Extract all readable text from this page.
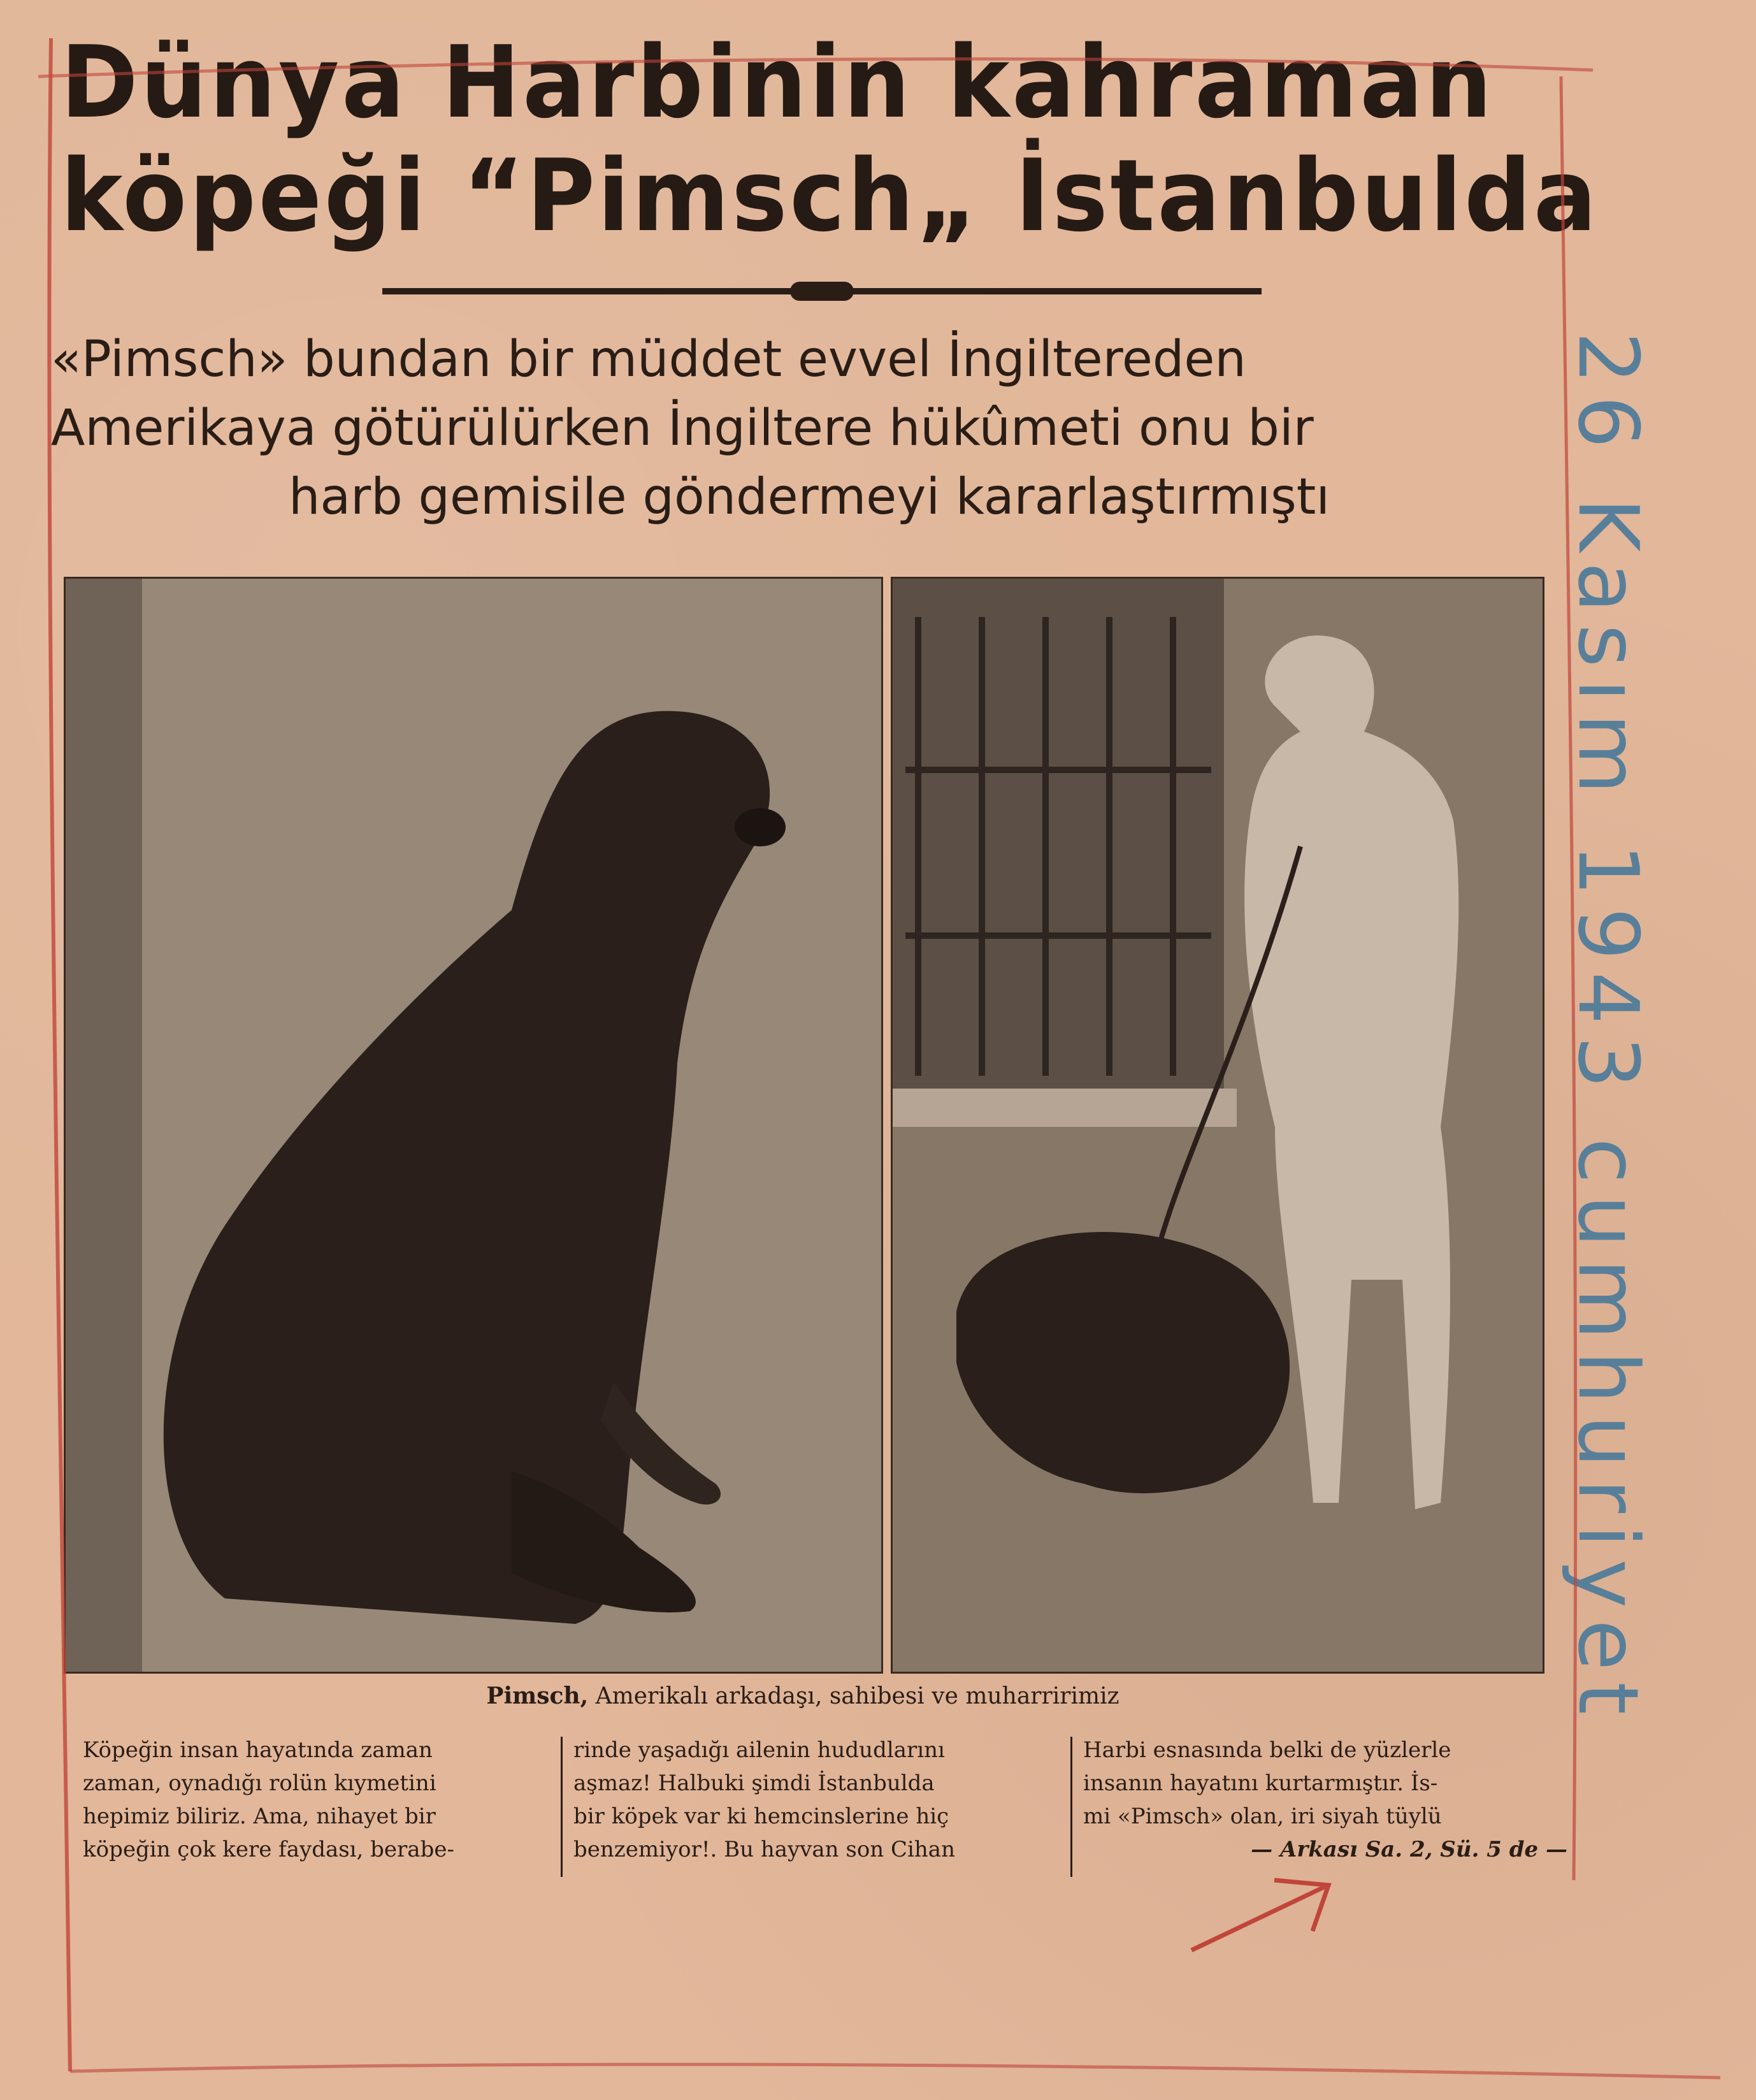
Dünya Harbinin kahraman
köpeği “Pimsch„ İstanbulda
«Pimsch» bundan bir müddet evvel İngiltereden
Amerikaya götürülürken İngiltere hükûmeti onu bir
harb gemisile göndermeyi kararlaştırmıştı
Pimsch, Amerikalı arkadaşı, sahibesi ve muharririmiz
Köpeğin insan hayatında zaman
zaman, oynadığı rolün kıymetini
hepimiz biliriz. Ama, nihayet bir
köpeğin çok kere faydası, berabe-
rinde yaşadığı ailenin hududlarını
aşmaz! Halbuki şimdi İstanbulda
bir köpek var ki hemcinslerine hiç
benzemiyor!. Bu hayvan son Cihan
Harbi esnasında belki de yüzlerle
insanın hayatını kurtarmıştır. İs-
mi «Pimsch» olan, iri siyah tüylü
— Arkası Sa. 2, Sü. 5 de —
26 Kasım 1943 cumhuriyet
